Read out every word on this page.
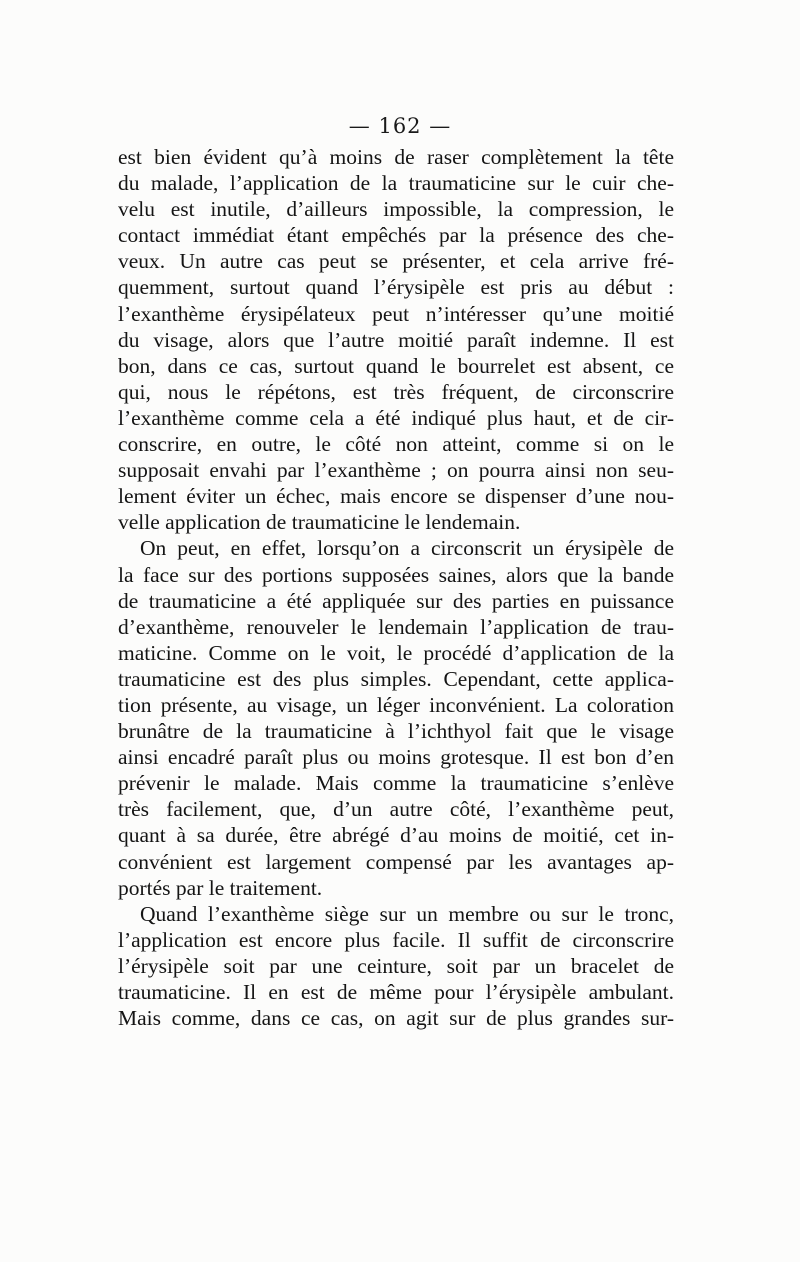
— 162 —
est bien évident qu’à moins de raser complètement la tête
du malade, l’application de la traumaticine sur le cuir che-
velu est inutile, d’ailleurs impossible, la compression, le
contact immédiat étant empêchés par la présence des che-
veux. Un autre cas peut se présenter, et cela arrive fré-
quemment, surtout quand l’érysipèle est pris au début :
l’exanthème érysipélateux peut n’intéresser qu’une moitié
du visage, alors que l’autre moitié paraît indemne. Il est
bon, dans ce cas, surtout quand le bourrelet est absent, ce
qui, nous le répétons, est très fréquent, de circonscrire
l’exanthème comme cela a été indiqué plus haut, et de cir-
conscrire, en outre, le côté non atteint, comme si on le
supposait envahi par l’exanthème ; on pourra ainsi non seu-
lement éviter un échec, mais encore se dispenser d’une nou-
velle application de traumaticine le lendemain.
On peut, en effet, lorsqu’on a circonscrit un érysipèle de
la face sur des portions supposées saines, alors que la bande
de traumaticine a été appliquée sur des parties en puissance
d’exanthème, renouveler le lendemain l’application de trau-
maticine. Comme on le voit, le procédé d’application de la
traumaticine est des plus simples. Cependant, cette applica-
tion présente, au visage, un léger inconvénient. La coloration
brunâtre de la traumaticine à l’ichthyol fait que le visage
ainsi encadré paraît plus ou moins grotesque. Il est bon d’en
prévenir le malade. Mais comme la traumaticine s’enlève
très facilement, que, d’un autre côté, l’exanthème peut,
quant à sa durée, être abrégé d’au moins de moitié, cet in-
convénient est largement compensé par les avantages ap-
portés par le traitement.
Quand l’exanthème siège sur un membre ou sur le tronc,
l’application est encore plus facile. Il suffit de circonscrire
l’érysipèle soit par une ceinture, soit par un bracelet de
traumaticine. Il en est de même pour l’érysipèle ambulant.
Mais comme, dans ce cas, on agit sur de plus grandes sur-
